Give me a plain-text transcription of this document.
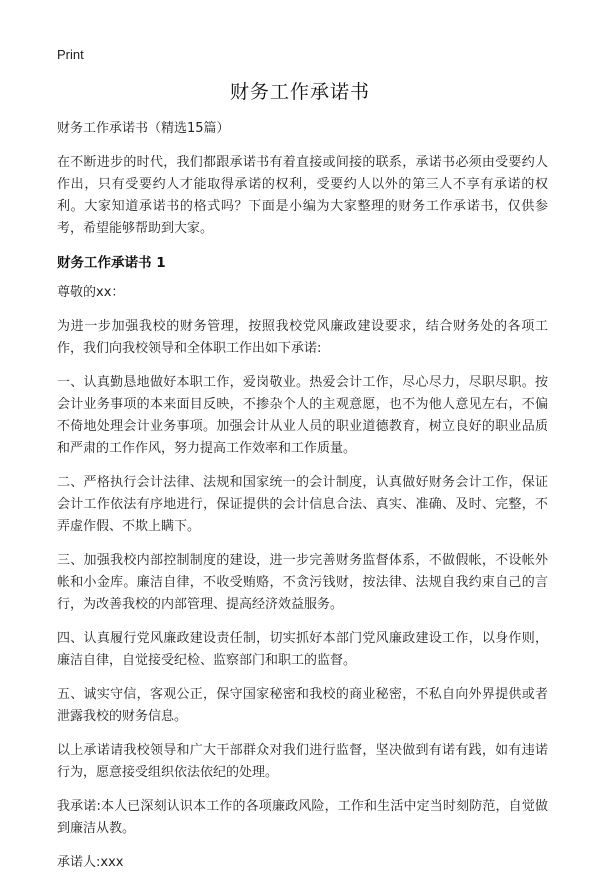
Print
财务工作承诺书

财务工作承诺书（精选15篇）

在不断进步的时代，我们都跟承诺书有着直接或间接的联系，承诺书必须由受要约人作出，只有受要约人才能取得承诺的权利，受要约人以外的第三人不享有承诺的权利。大家知道承诺书的格式吗？下面是小编为大家整理的财务工作承诺书，仅供参考，希望能够帮助到大家。

财务工作承诺书 1

尊敬的xx：

为进一步加强我校的财务管理，按照我校党风廉政建设要求，结合财务处的各项工作，我们向我校领导和全体职工作出如下承诺:

一、认真勤恳地做好本职工作，爱岗敬业。热爱会计工作，尽心尽力，尽职尽职。按会计业务事项的本来面目反映，不掺杂个人的主观意愿，也不为他人意见左右，不偏不倚地处理会计业务事项。加强会计从业人员的职业道德教育，树立良好的职业品质和严肃的工作作风，努力提高工作效率和工作质量。

二、严格执行会计法律、法规和国家统一的会计制度，认真做好财务会计工作，保证会计工作依法有序地进行，保证提供的会计信息合法、真实、准确、及时、完整，不弄虚作假、不欺上瞒下。

三、加强我校内部控制制度的建设，进一步完善财务监督体系，不做假帐，不设帐外帐和小金库。廉洁自律，不收受贿赂，不贪污钱财，按法律、法规自我约束自己的言行，为改善我校的内部管理、提高经济效益服务。

四、认真履行党风廉政建设责任制，切实抓好本部门党风廉政建设工作，以身作则，廉洁自律，自觉接受纪检、监察部门和职工的监督。

五、诚实守信，客观公正，保守国家秘密和我校的商业秘密，不私自向外界提供或者泄露我校的财务信息。

以上承诺请我校领导和广大干部群众对我们进行监督，坚决做到有诺有践，如有违诺行为，愿意接受组织依法依纪的处理。

我承诺:本人已深刻认识本工作的各项廉政风险，工作和生活中定当时刻防范，自觉做到廉洁从教。

承诺人:xxx
